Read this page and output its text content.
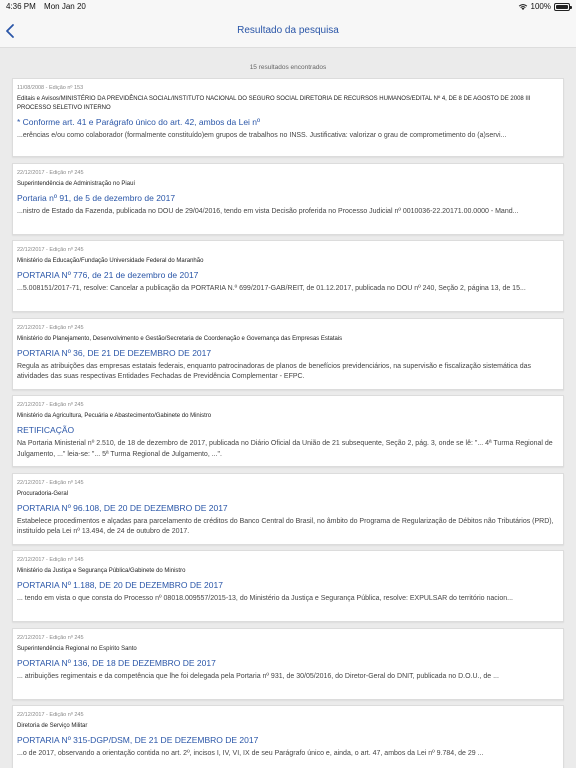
4:36 PM Mon Jan 20	100%
Resultado da pesquisa
15 resultados encontrados
11/08/2008 - Edição nº 153
Editais e Avisos/MINISTÉRIO DA PREVIDÊNCIA SOCIAL/INSTITUTO NACIONAL DO SEGURO SOCIAL DIRETORIA DE RECURSOS HUMANOS/EDITAL Nº 4, DE 8 DE AGOSTO DE 2008 III PROCESSO SELETIVO INTERNO
* Conforme art. 41 e Parágrafo único do art. 42, ambos da Lei nº
...erências e/ou como colaborador (formalmente constituído)em grupos de trabalhos no INSS. Justificativa: valorizar o grau de comprometimento do (a)servi...
22/12/2017 - Edição nº 245
Superintendência de Administração no Piauí
Portaria nº 91, de 5 de dezembro de 2017
...nistro de Estado da Fazenda, publicada no DOU de 29/04/2016, tendo em vista Decisão proferida no Processo Judicial nº 0010036-22.20171.00.0000 - Mand...
22/12/2017 - Edição nº 245
Ministério da Educação/Fundação Universidade Federal do Maranhão
PORTARIA Nº 776, de 21 de dezembro de 2017
...5.008151/2017-71, resolve: Cancelar a publicação da PORTARIA N.º 699/2017-GAB/REIT, de 01.12.2017, publicada no DOU nº 240, Seção 2, página 13, de 15...
22/12/2017 - Edição nº 245
Ministério do Planejamento, Desenvolvimento e Gestão/Secretaria de Coordenação e Governança das Empresas Estatais
PORTARIA Nº 36, DE 21 DE DEZEMBRO DE 2017
Regula as atribuições das empresas estatais federais, enquanto patrocinadoras de planos de benefícios previdenciários, na supervisão e fiscalização sistemática das atividades das suas respectivas Entidades Fechadas de Previdência Complementar - EFPC.
22/12/2017 - Edição nº 245
Ministério da Agricultura, Pecuária e Abastecimento/Gabinete do Ministro
RETIFICAÇÃO
Na Portaria Ministerial nº 2.510, de 18 de dezembro de 2017, publicada no Diário Oficial da União de 21 subsequente, Seção 2, pág. 3, onde se lê: "... 4ª Turma Regional de Julgamento, ..." leia-se: "... 5ª Turma Regional de Julgamento, ...".
22/12/2017 - Edição nº 145
Procuradoria-Geral
PORTARIA Nº 96.108, DE 20 DE DEZEMBRO DE 2017
Estabelece procedimentos e alçadas para parcelamento de créditos do Banco Central do Brasil, no âmbito do Programa de Regularização de Débitos não Tributários (PRD), instituído pela Lei nº 13.494, de 24 de outubro de 2017.
22/12/2017 - Edição nº 145
Ministério da Justiça e Segurança Pública/Gabinete do Ministro
PORTARIA Nº 1.188, DE 20 DE DEZEMBRO DE 2017
... tendo em vista o que consta do Processo nº 08018.009557/2015-13, do Ministério da Justiça e Segurança Pública, resolve: EXPULSAR do território nacion...
22/12/2017 - Edição nº 245
Superintendência Regional no Espírito Santo
PORTARIA Nº 136, DE 18 DE DEZEMBRO DE 2017
... atribuições regimentais e da competência que lhe foi delegada pela Portaria nº 931, de 30/05/2016, do Diretor-Geral do DNIT, publicada no D.O.U., de ...
22/12/2017 - Edição nº 245
Diretoria de Serviço Militar
PORTARIA Nº 315-DGP/DSM, DE 21 DE DEZEMBRO DE 2017
...o de 2017, observando a orientação contida no art. 2º, incisos I, IV, VI, IX de seu Parágrafo único e, ainda, o art. 47, ambos da Lei nº 9.784, de 29 ...
